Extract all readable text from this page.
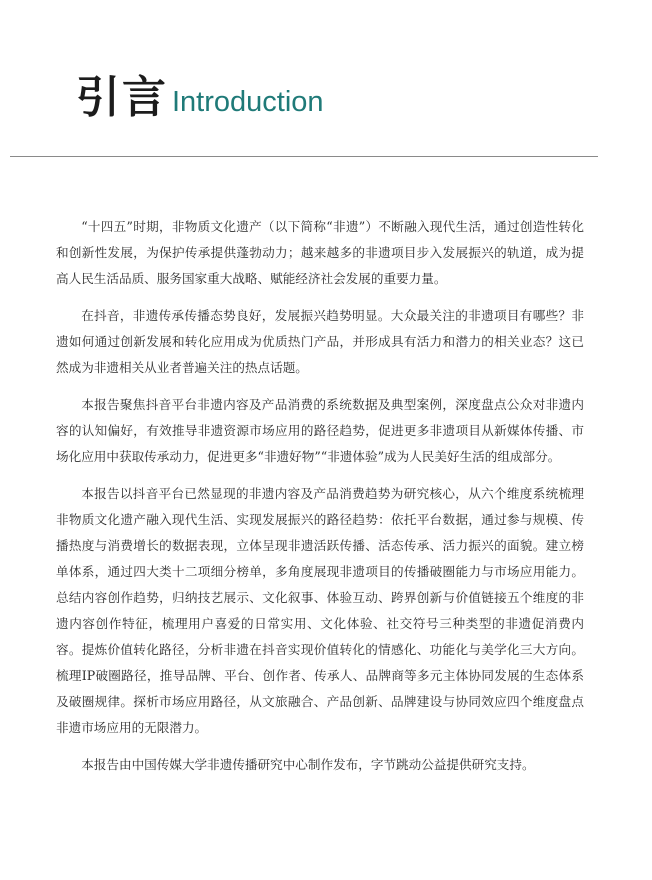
引言 Introduction

“十四五”时期，非物质文化遗产（以下简称“非遗”）不断融入现代生活，通过创造性转化和创新性发展，为保护传承提供蓬勃动力；越来越多的非遗项目步入发展振兴的轨道，成为提高人民生活品质、服务国家重大战略、赋能经济社会发展的重要力量。

在抖音，非遗传承传播态势良好，发展振兴趋势明显。大众最关注的非遗项目有哪些？非遗如何通过创新发展和转化应用成为优质热门产品，并形成具有活力和潜力的相关业态？这已然成为非遗相关从业者普遍关注的热点话题。

本报告聚焦抖音平台非遗内容及产品消费的系统数据及典型案例，深度盘点公众对非遗内容的认知偏好，有效推导非遗资源市场应用的路径趋势，促进更多非遗项目从新媒体传播、市场化应用中获取传承动力，促进更多“非遗好物”“非遗体验”成为人民美好生活的组成部分。

本报告以抖音平台已然显现的非遗内容及产品消费趋势为研究核心，从六个维度系统梳理非物质文化遗产融入现代生活、实现发展振兴的路径趋势：依托平台数据，通过参与规模、传播热度与消费增长的数据表现，立体呈现非遗活跃传播、活态传承、活力振兴的面貌。建立榜单体系，通过四大类十二项细分榜单，多角度展现非遗项目的传播破圈能力与市场应用能力。总结内容创作趋势，归纳技艺展示、文化叙事、体验互动、跨界创新与价值链接五个维度的非遗内容创作特征，梳理用户喜爱的日常实用、文化体验、社交符号三种类型的非遗促消费内容。提炼价值转化路径，分析非遗在抖音实现价值转化的情感化、功能化与美学化三大方向。梳理IP破圈路径，推导品牌、平台、创作者、传承人、品牌商等多元主体协同发展的生态体系及破圈规律。探析市场应用路径，从文旅融合、产品创新、品牌建设与协同效应四个维度盘点非遗市场应用的无限潜力。

本报告由中国传媒大学非遗传播研究中心制作发布，字节跳动公益提供研究支持。
